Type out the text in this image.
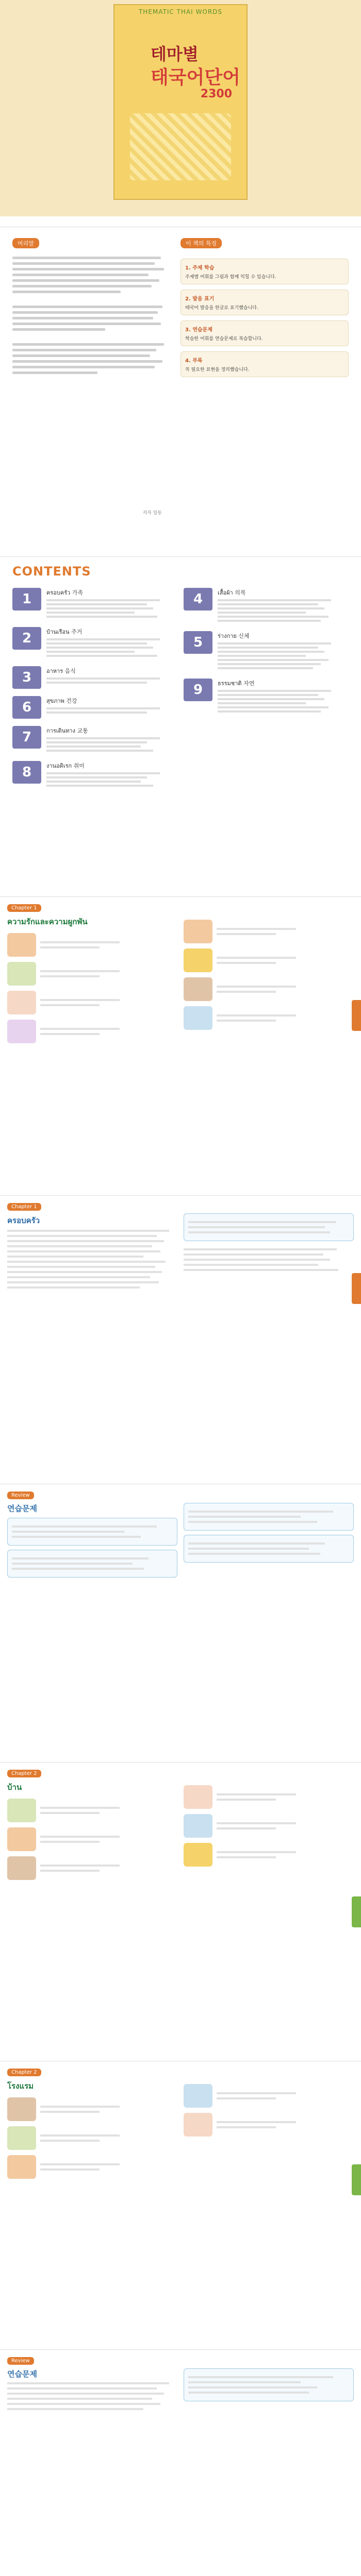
THEMATIC THAI WORDS
테마별
태국어단어
2300
머리말
저자 일동
이 책의 특징
1. 주제 학습

주제별 어휘를 그림과 함께 익힐 수 있습니다.

2. 발음 표기

태국어 발음을 한글로 표기했습니다.

3. 연습문제

학습한 어휘를 연습문제로 복습합니다.

4. 부록

꼭 필요한 표현을 정리했습니다.

CONTENTS
1	ครอบครัว 가족
2	บ้านเรือน 주거
3	อาหาร 음식
6	สุขภาพ 건강
7	การเดินทาง 교통
8	งานอดิเรก 취미
4	เสื้อผ้า 의복
5	ร่างกาย 신체
9	ธรรมชาติ 자연
Chapter 1
ความรักและความผูกพัน
Chapter 1
ครอบครัว
Review
연습문제
Chapter 2
บ้าน
Chapter 2
โรงแรม
Review
연습문제
